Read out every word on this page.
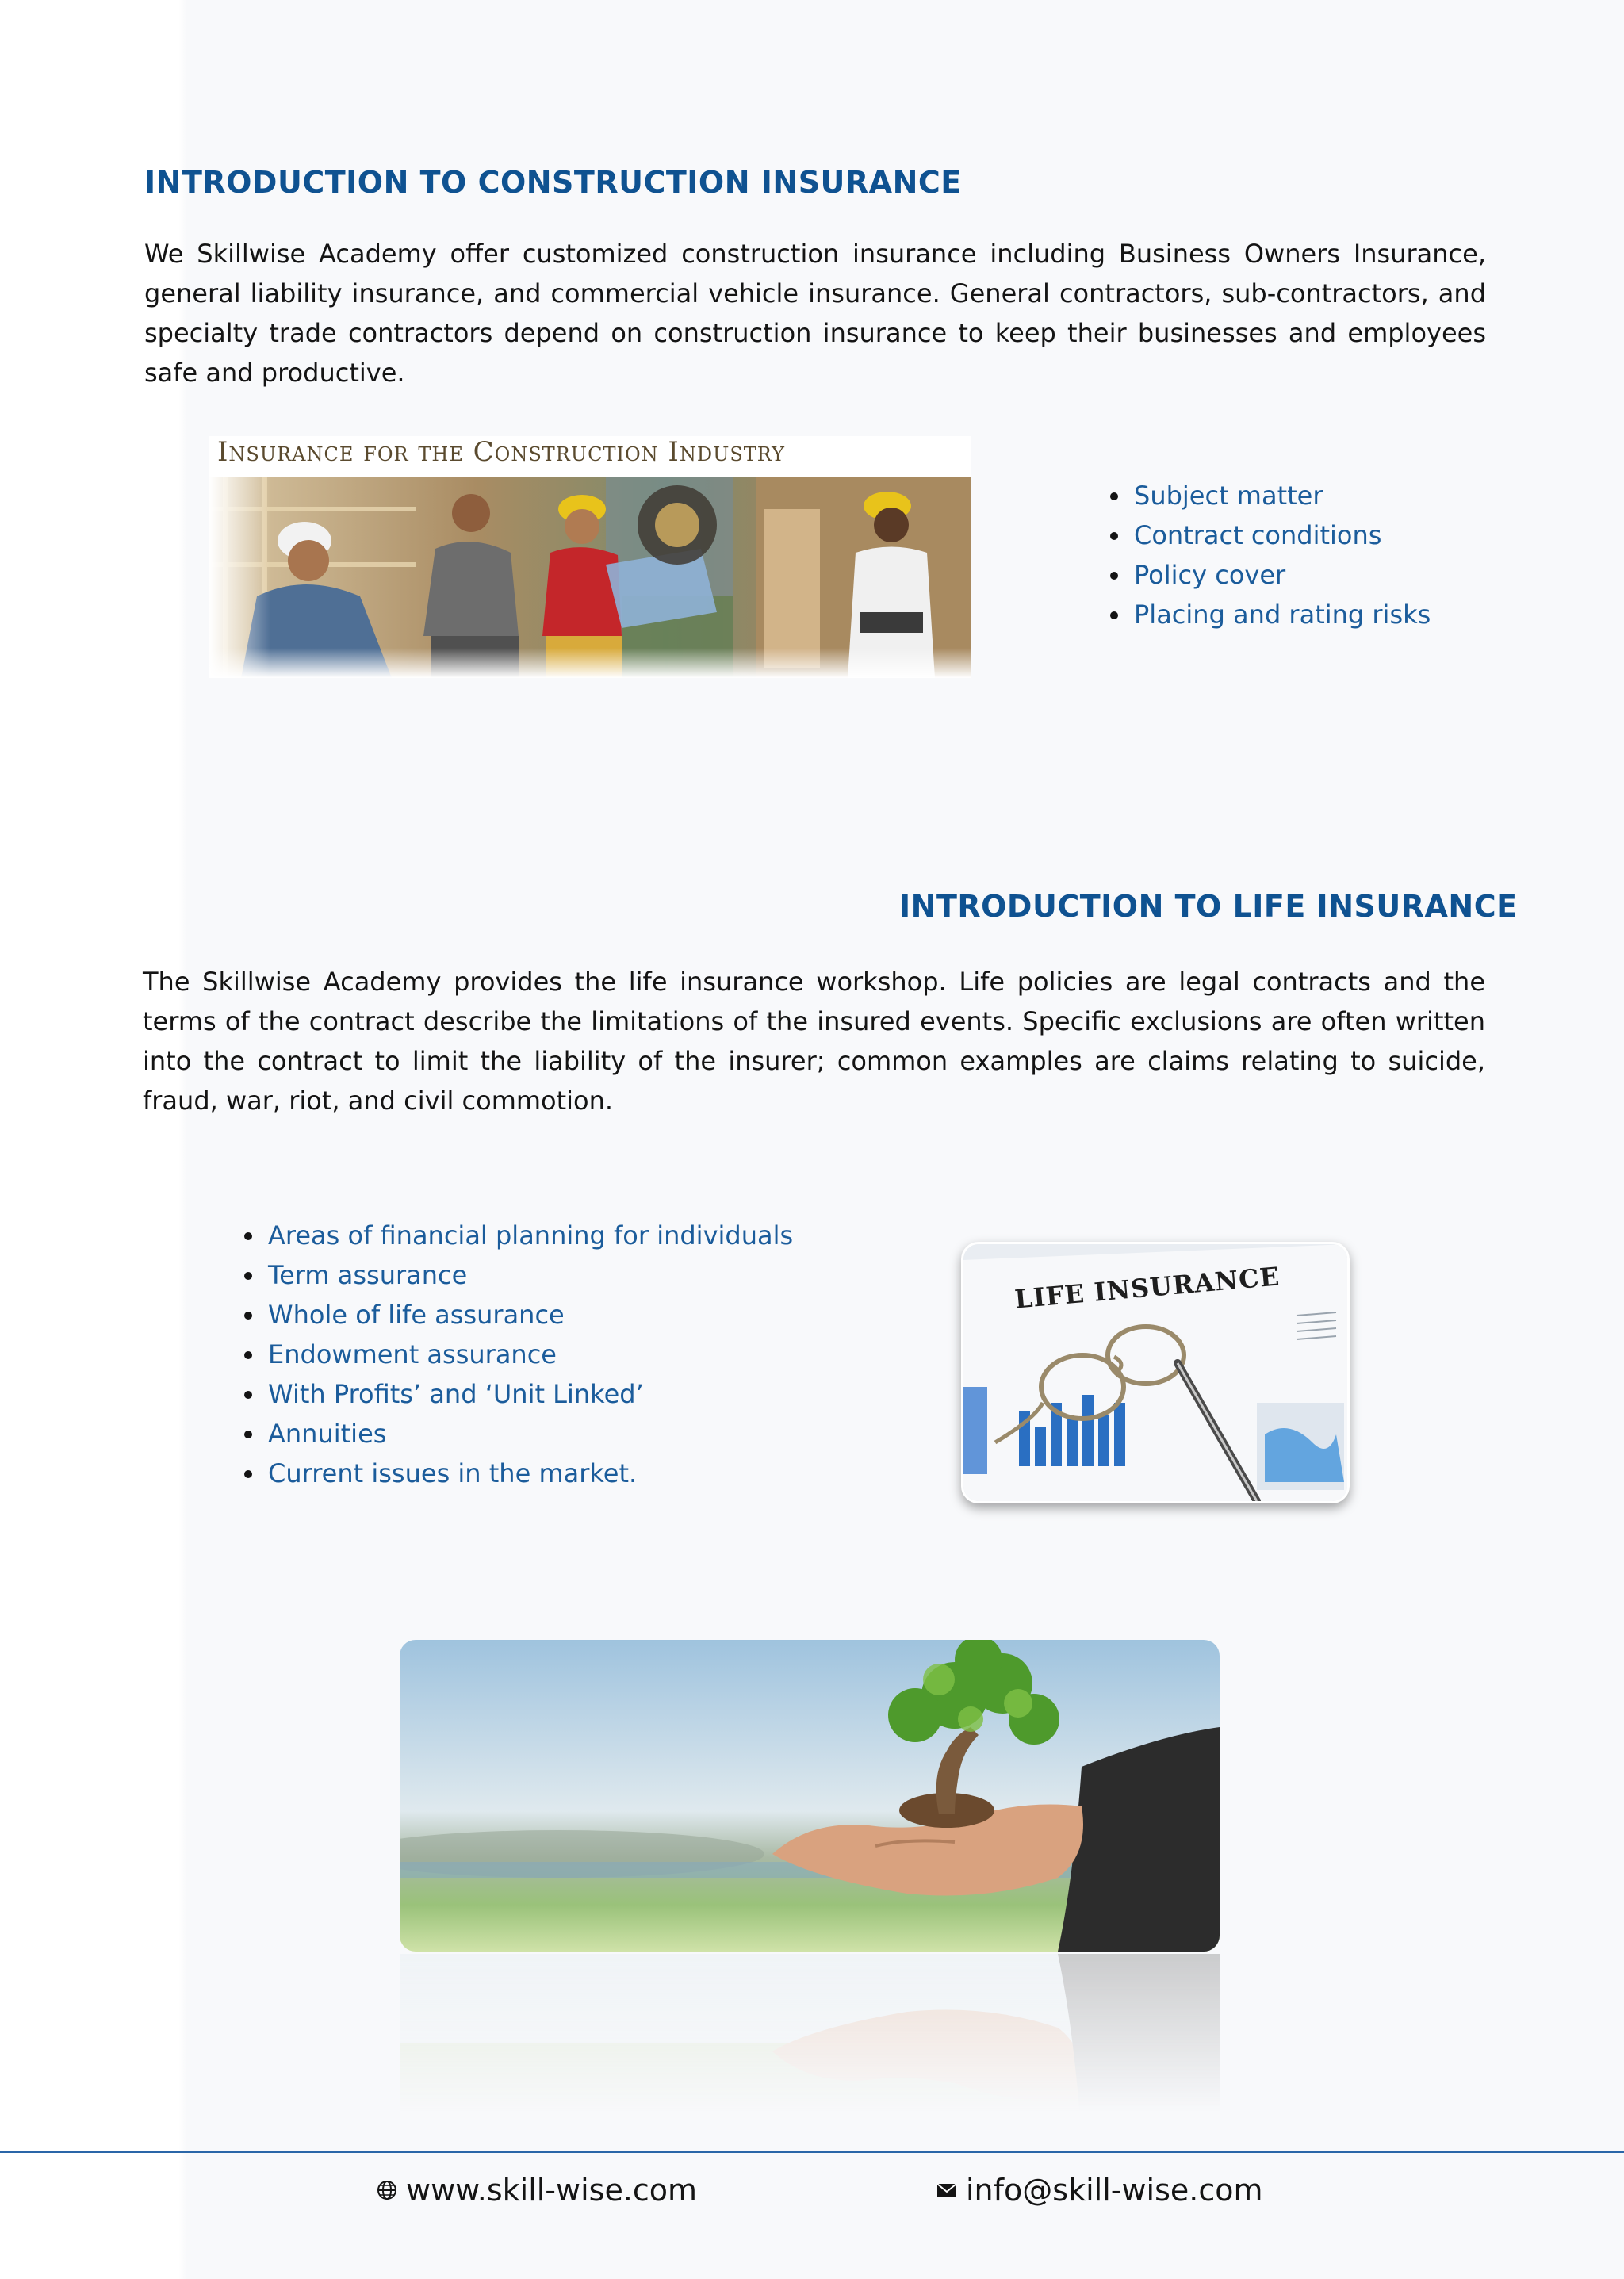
INTRODUCTION TO CONSTRUCTION INSURANCE

We Skillwise Academy offer customized construction insurance including Business Owners Insurance, general liability insurance, and commercial vehicle insurance. General contractors, sub-contractors, and specialty trade contractors depend on construction insurance to keep their businesses and employees safe and productive.

Insurance for the Construction Industry
Subject matter
Contract conditions
Policy cover
Placing and rating risks
INTRODUCTION TO LIFE INSURANCE

The Skillwise Academy provides the life insurance workshop. Life policies are legal contracts and the terms of the contract describe the limitations of the insured events. Specific exclusions are often written into the contract to limit the liability of the insurer; common examples are claims relating to suicide, fraud, war, riot, and civil commotion.

Areas of financial planning for individuals
Term assurance
Whole of life assurance
Endowment assurance
With Profits’ and ‘Unit Linked’
Annuities
Current issues in the market.
LIFE INSURANCE
www.skill-wise.com	info@skill-wise.com
